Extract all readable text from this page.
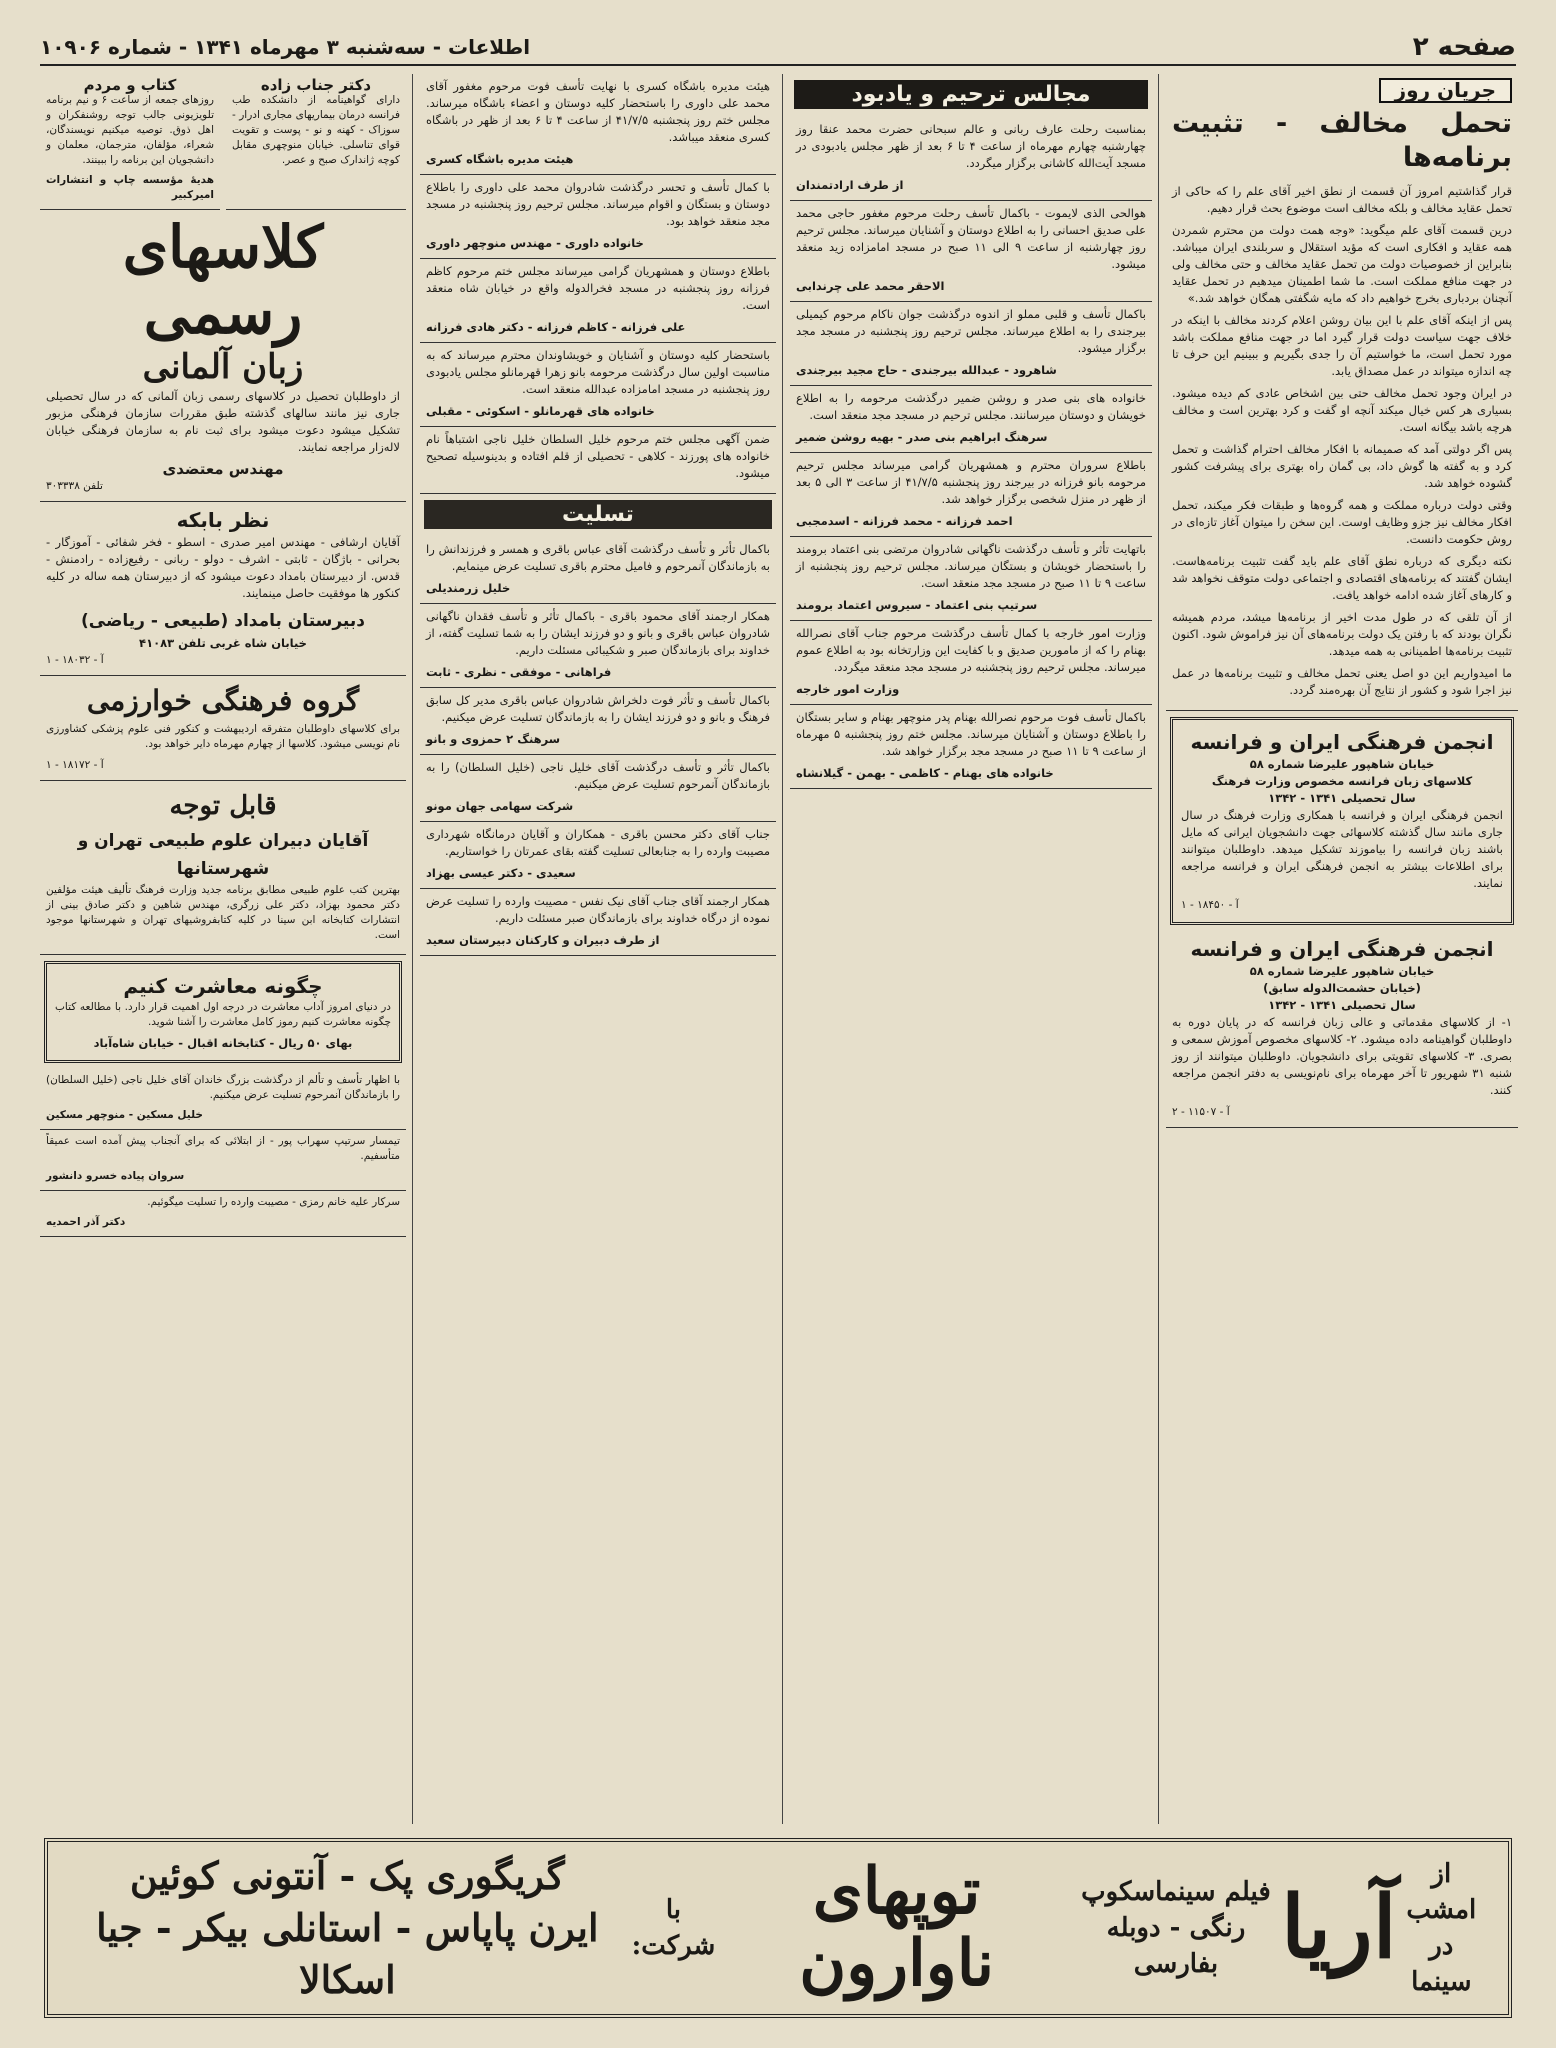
صفحه ۲
اطلاعات - سه‌شنبه ۳ مهرماه ۱۳۴۱ - شماره ۱۰۹۰۶
جریان روز
تحمل مخالف - تثبیت برنامه‌ها

قرار گذاشتیم امروز آن قسمت از نطق اخیر آقای علم را که حاکی از تحمل عقاید مخالف و بلکه مخالف است موضوع بحث قرار دهیم.

درین قسمت آقای علم میگوید: «وجه همت دولت من محترم شمردن همه عقاید و افکاری است که مؤید استقلال و سربلندی ایران میباشد. بنابراین از خصوصیات دولت من تحمل عقاید مخالف و حتی مخالف ولی در جهت منافع مملکت است. ما شما اطمینان میدهیم در تحمل عقاید آنچنان بردباری بخرج خواهیم داد که مایه شگفتی همگان خواهد شد.»

پس از اینکه آقای علم با این بیان روشن اعلام کردند مخالف با اینکه در خلاف جهت سیاست دولت قرار گیرد اما در جهت منافع مملکت باشد مورد تحمل است، ما خواستیم آن را جدی بگیریم و ببینیم این حرف تا چه اندازه میتواند در عمل مصداق یابد.

در ایران وجود تحمل مخالف حتی بین اشخاص عادی کم دیده میشود. بسیاری هر کس خیال میکند آنچه او گفت و کرد بهترین است و مخالف هرچه باشد بیگانه است.

پس اگر دولتی آمد که صمیمانه با افکار مخالف احترام گذاشت و تحمل کرد و به گفته ها گوش داد، بی گمان راه بهتری برای پیشرفت کشور گشوده خواهد شد.

وقتی دولت درباره مملکت و همه گروه‌ها و طبقات فکر میکند، تحمل افکار مخالف نیز جزو وظایف اوست. این سخن را میتوان آغاز تازه‌ای در روش حکومت دانست.

نکته دیگری که درباره نطق آقای علم باید گفت تثبیت برنامه‌هاست. ایشان گفتند که برنامه‌های اقتصادی و اجتماعی دولت متوقف نخواهد شد و کارهای آغاز شده ادامه خواهد یافت.

از آن تلقی که در طول مدت اخیر از برنامه‌ها میشد، مردم همیشه نگران بودند که با رفتن یک دولت برنامه‌های آن نیز فراموش شود. اکنون تثبیت برنامه‌ها اطمینانی به همه میدهد.

ما امیدواریم این دو اصل یعنی تحمل مخالف و تثبیت برنامه‌ها در عمل نیز اجرا شود و کشور از نتایج آن بهره‌مند گردد.

انجمن فرهنگی ایران و فرانسه
خیابان شاهپور علیرضا شماره ۵۸
کلاسهای زبان فرانسه مخصوص وزارت فرهنگ
سال تحصیلی ۱۳۴۱ - ۱۳۴۲

انجمن فرهنگی ایران و فرانسه با همکاری وزارت فرهنگ در سال جاری مانند سال گذشته کلاسهائی جهت دانشجویان ایرانی که مایل باشند زبان فرانسه را بیاموزند تشکیل میدهد. داوطلبان میتوانند برای اطلاعات بیشتر به انجمن فرهنگی ایران و فرانسه مراجعه نمایند.

آ - ۱۸۴۵۰ - ۱
انجمن فرهنگی ایران و فرانسه
خیابان شاهپور علیرضا شماره ۵۸
(خیابان حشمت‌الدوله سابق)
سال تحصیلی ۱۳۴۱ - ۱۳۴۲

۱- از کلاسهای مقدماتی و عالی زبان فرانسه که در پایان دوره به داوطلبان گواهینامه داده میشود. ۲- کلاسهای مخصوص آموزش سمعی و بصری. ۳- کلاسهای تقویتی برای دانشجویان. داوطلبان میتوانند از روز شنبه ۳۱ شهریور تا آخر مهرماه برای نام‌نویسی به دفتر انجمن مراجعه کنند.

آ - ۱۱۵۰۷ - ۲
مجالس ترحیم و یادبود

بمناسبت رحلت عارف ربانی و عالم سبحانی حضرت محمد عنقا روز چهارشنبه چهارم مهرماه از ساعت ۴ تا ۶ بعد از ظهر مجلس یادبودی در مسجد آیت‌الله‌ کاشانی برگزار میگردد.

از طرف ارادتمندان

هوالحی الذی لایموت - باکمال تأسف رحلت مرحوم مغفور حاجی محمد علی صدیق احسانی را به اطلاع دوستان و آشنایان میرساند. مجلس ترحیم روز چهارشنبه از ساعت ۹ الی ۱۱ صبح در مسجد امامزاده زید منعقد میشود.

الاحقر محمد علی چرندابی

باکمال تأسف و قلبی مملو از اندوه درگذشت جوان ناکام مرحوم کیمیلی بیرجندی را به اطلاع میرساند. مجلس ترحیم روز پنجشنبه در مسجد مجد برگزار میشود.

شاهرود - عبدالله بیرجندی - حاج مجید بیرجندی

خانواده های بنی صدر و روشن ضمیر درگذشت مرحومه را به اطلاع خویشان و دوستان میرسانند. مجلس ترحیم در مسجد مجد منعقد است.

سرهنگ ابراهیم بنی صدر - بهیه روشن ضمیر

باطلاع سروران محترم و همشهریان گرامی میرساند مجلس ترحیم مرحومه بانو فرزانه در بیرجند روز پنجشنبه ۴۱/۷/۵ از ساعت ۳ الی ۵ بعد از ظهر در منزل شخصی برگزار خواهد شد.

احمد فرزانه - محمد فرزانه - اسدمجبی

باتهایت تأثر و تأسف درگذشت ناگهانی شادروان مرتضی بنی اعتماد برومند را باستحضار خویشان و بستگان میرساند. مجلس ترحیم روز پنجشنبه از ساعت ۹ تا ۱۱ صبح در مسجد مجد منعقد است.

سرتیپ بنی اعتماد - سیروس اعتماد برومند

وزارت امور خارجه با کمال تأسف درگذشت مرحوم جناب آقای نصرالله بهنام را که از مامورین صدیق و با کفایت این وزارتخانه بود به اطلاع عموم میرساند. مجلس ترحیم روز پنجشنبه در مسجد مجد منعقد میگردد.

وزارت امور خارجه

باکمال تأسف فوت مرحوم نصرالله بهنام پدر منوچهر بهنام و سایر بستگان را باطلاع دوستان و آشنایان میرساند. مجلس ختم روز پنجشنبه ۵ مهرماه از ساعت ۹ تا ۱۱ صبح در مسجد مجد برگزار خواهد شد.

خانواده های بهنام - کاظمی - بهمن - گیلانشاه

هیئت مدیره باشگاه کسری با نهایت تأسف فوت مرحوم مغفور آقای محمد علی داوری را باستحضار کلیه دوستان و اعضاء باشگاه میرساند. مجلس ختم روز پنجشنبه ۴۱/۷/۵ از ساعت ۴ تا ۶ بعد از ظهر در باشگاه کسری منعقد میباشد.

هیئت مدیره باشگاه کسری

با کمال تأسف و تحسر درگذشت شادروان محمد علی داوری را باطلاع دوستان و بستگان و اقوام میرساند. مجلس ترحیم روز پنجشنبه در مسجد مجد منعقد خواهد بود.

خانواده داوری - مهندس منوچهر داوری

باطلاع دوستان و همشهریان گرامی میرساند مجلس ختم مرحوم کاظم فرزانه روز پنجشنبه در مسجد فخرالدوله واقع در خیابان شاه منعقد است.

علی فرزانه - کاظم فرزانه - دکتر هادی فرزانه

باستحضار کلیه دوستان و آشنایان و خویشاوندان محترم میرساند که به مناسبت اولین سال درگذشت مرحومه بانو زهرا قهرمانلو مجلس یادبودی روز پنجشنبه در مسجد امامزاده عبدالله منعقد است.

خانواده های قهرمانلو - اسکوئی - مقبلی

ضمن آگهی مجلس ختم مرحوم خلیل السلطان خلیل ناجی اشتباهاً نام خانواده های پورزند - کلاهی - تحصیلی از قلم افتاده و بدینوسیله تصحیح میشود.

تسلیت

باکمال تأثر و تأسف درگذشت آقای عباس باقری و همسر و فرزندانش را به بازماندگان آنمرحوم و فامیل محترم باقری تسلیت عرض مینمایم.

خلیل زرمندیلی

همکار ارجمند آقای محمود باقری - باکمال تأثر و تأسف فقدان ناگهانی شادروان عباس باقری و بانو و دو فرزند ایشان را به شما تسلیت گفته، از خداوند برای بازماندگان صبر و شکیبائی مسئلت داریم.

فراهانی - موفقی - نظری - ثابت

باکمال تأسف و تأثر فوت دلخراش شادروان عباس باقری مدیر کل سابق فرهنگ و بانو و دو فرزند ایشان را به بازماندگان تسلیت عرض میکنیم.

سرهنگ ۲ حمزوی و بانو

باکمال تأثر و تأسف درگذشت آقای خلیل ناجی (خلیل السلطان) را به بازماندگان آنمرحوم تسلیت عرض میکنیم.

شرکت سهامی جهان مونو

جناب آقای دکتر محسن باقری - همکاران و آقایان درمانگاه شهرداری مصیبت وارده را به جنابعالی تسلیت گفته بقای عمرتان را خواستاریم.

سعیدی - دکتر عیسی بهزاد

همکار ارجمند آقای جناب آقای نیک نفس - مصیبت وارده را تسلیت عرض نموده از درگاه خداوند برای بازماندگان صبر مسئلت داریم.

از طرف دبیران و کارکنان دبیرستان سعید
دکتر جناب زاده

دارای گواهینامه از دانشکده طب فرانسه درمان بیماریهای مجاری ادرار - سوزاک - کهنه و نو - پوست و تقویت قوای تناسلی. خیابان منوچهری مقابل کوچه ژاندارک صبح و عصر.

کتاب و مردم

روزهای جمعه از ساعت ۶ و نیم برنامه تلویزیونی جالب توجه روشنفکران و اهل ذوق. توصیه میکنیم نویسندگان، شعراء، مؤلفان، مترجمان، معلمان و دانشجویان این برنامه را ببینند.

هدیهٔ مؤسسه چاپ و انتشارات امیرکبیر
کلاسهای رسمی
زبان آلمانی

از داوطلبان تحصیل در کلاسهای رسمی زبان آلمانی که در سال تحصیلی جاری نیز مانند سالهای گذشته طبق مقررات سازمان فرهنگی مزبور تشکیل میشود دعوت میشود برای ثبت نام به سازمان فرهنگی خیابان لاله‌زار مراجعه نمایند.

مهندس معتضدی
تلفن ۳۰۳۳۳۸
نظر بابکه

آقایان ارشافی - مهندس امیر صدری - اسطو - فخر شفائی - آموزگار - بحرانی - باژگان - ثابتی - اشرف - دولو - ربانی - رفیع‌زاده - رادمنش - قدس. از دبیرستان بامداد دعوت میشود که از دبیرستان همه ساله در کلیه کنکور ها موفقیت حاصل مینمایند.

دبیرستان بامداد (طبیعی - ریاضی)
خیابان شاه غربی تلفن ۴۱۰۸۳
آ - ۱۸۰۳۲ - ۱
گروه فرهنگی خوارزمی

برای کلاسهای داوطلبان متفرقه اردیبهشت و کنکور فنی علوم پزشکی کشاورزی نام نویسی میشود. کلاسها از چهارم مهرماه دایر خواهد بود.

آ - ۱۸۱۷۲ - ۱
قابل توجه
آقایان دبیران علوم طبیعی تهران و شهرستانها

بهترین کتب علوم طبیعی مطابق برنامه جدید وزارت فرهنگ تألیف هیئت مؤلفین دکتر محمود بهزاد، دکتر علی زرگری، مهندس شاهین و دکتر صادق بینی از انتشارات کتابخانه ابن سینا در کلیه کتابفروشیهای تهران و شهرستانها موجود است.

چگونه معاشرت کنیم

در دنیای امروز آداب معاشرت در درجه اول اهمیت قرار دارد. با مطالعه کتاب چگونه معاشرت کنیم رموز کامل معاشرت را آشنا شوید.

بهای ۵۰ ریال - کتابخانه اقبال - خیابان شاه‌آباد

با اظهار تأسف و تألم از درگذشت بزرگ خاندان آقای خلیل ناجی (خلیل السلطان) را بازماندگان آنمرحوم تسلیت عرض میکنیم.

خلیل مسکین - منوچهر مسکین

تیمسار سرتیپ سهراب پور - از ابتلائی که برای آنجناب پیش آمده است عمیقاً متأسفیم.

سروان پیاده خسرو دانشور

سرکار علیه خانم رمزی - مصیبت وارده را تسلیت میگوئیم.

دکتر آذر احمدیه
از امشب
در سینما
آریا
فیلم سینماسکوپ
رنگی - دوبله بفارسی
توپهای ناوارون
با شرکت:
گریگوری پک - آنتونی کوئین
ایرن پاپاس - استانلی بیکر - جیا اسکالا
